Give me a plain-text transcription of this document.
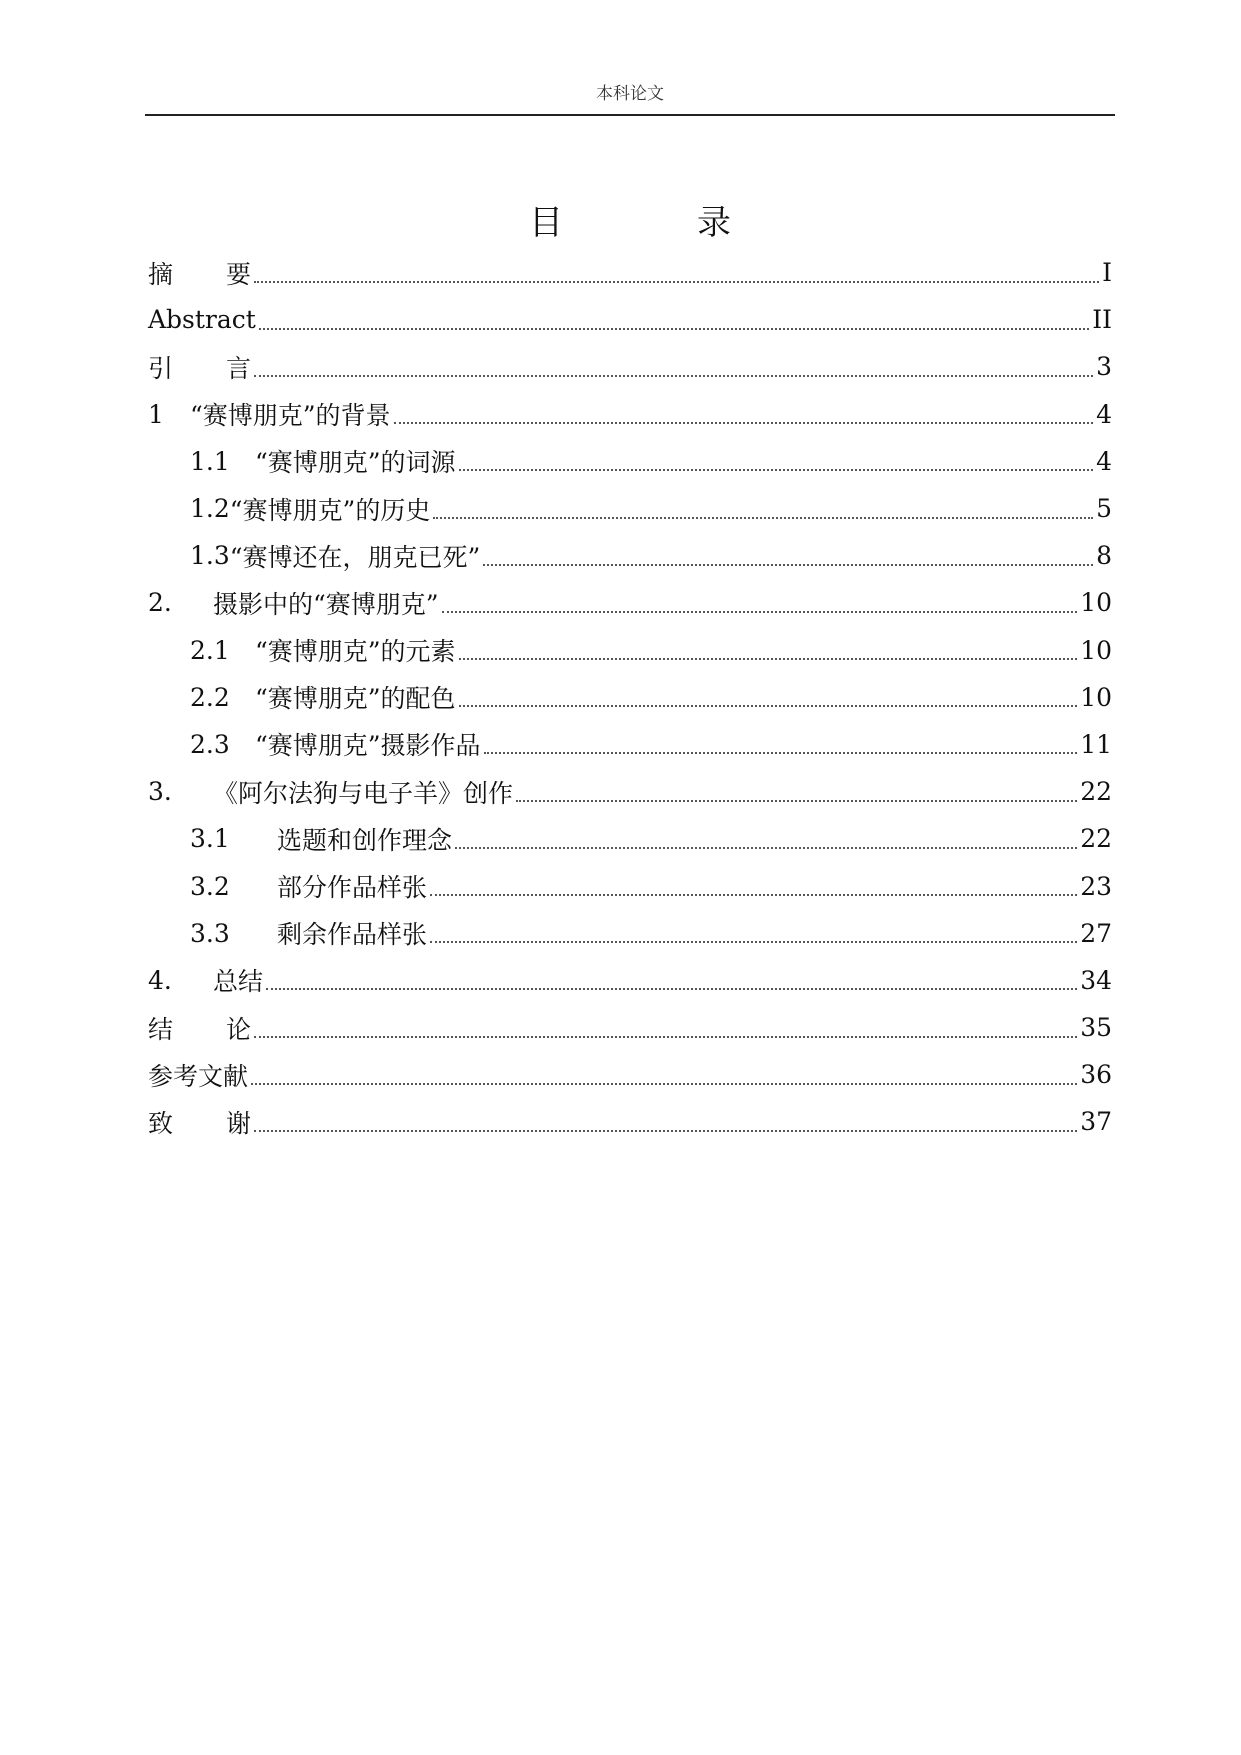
本科论文
目　录
摘要	I
Abstract	II
引言	3
1	“赛博朋克”的背景	4
1.1	“赛博朋克”的词源	4
1.2 “赛博朋克”的历史	5
1.3 “赛博还在，朋克已死”	8
2.	摄影中的“赛博朋克”	10
2.1	“赛博朋克”的元素	10
2.2	“赛博朋克”的配色	10
2.3	“赛博朋克”摄影作品	11
3.	《阿尔法狗与电子羊》创作	22
3.1	选题和创作理念	22
3.2	部分作品样张	23
3.3	剩余作品样张	27
4.	总结	34
结论	35
参考文献	36
致谢	37
